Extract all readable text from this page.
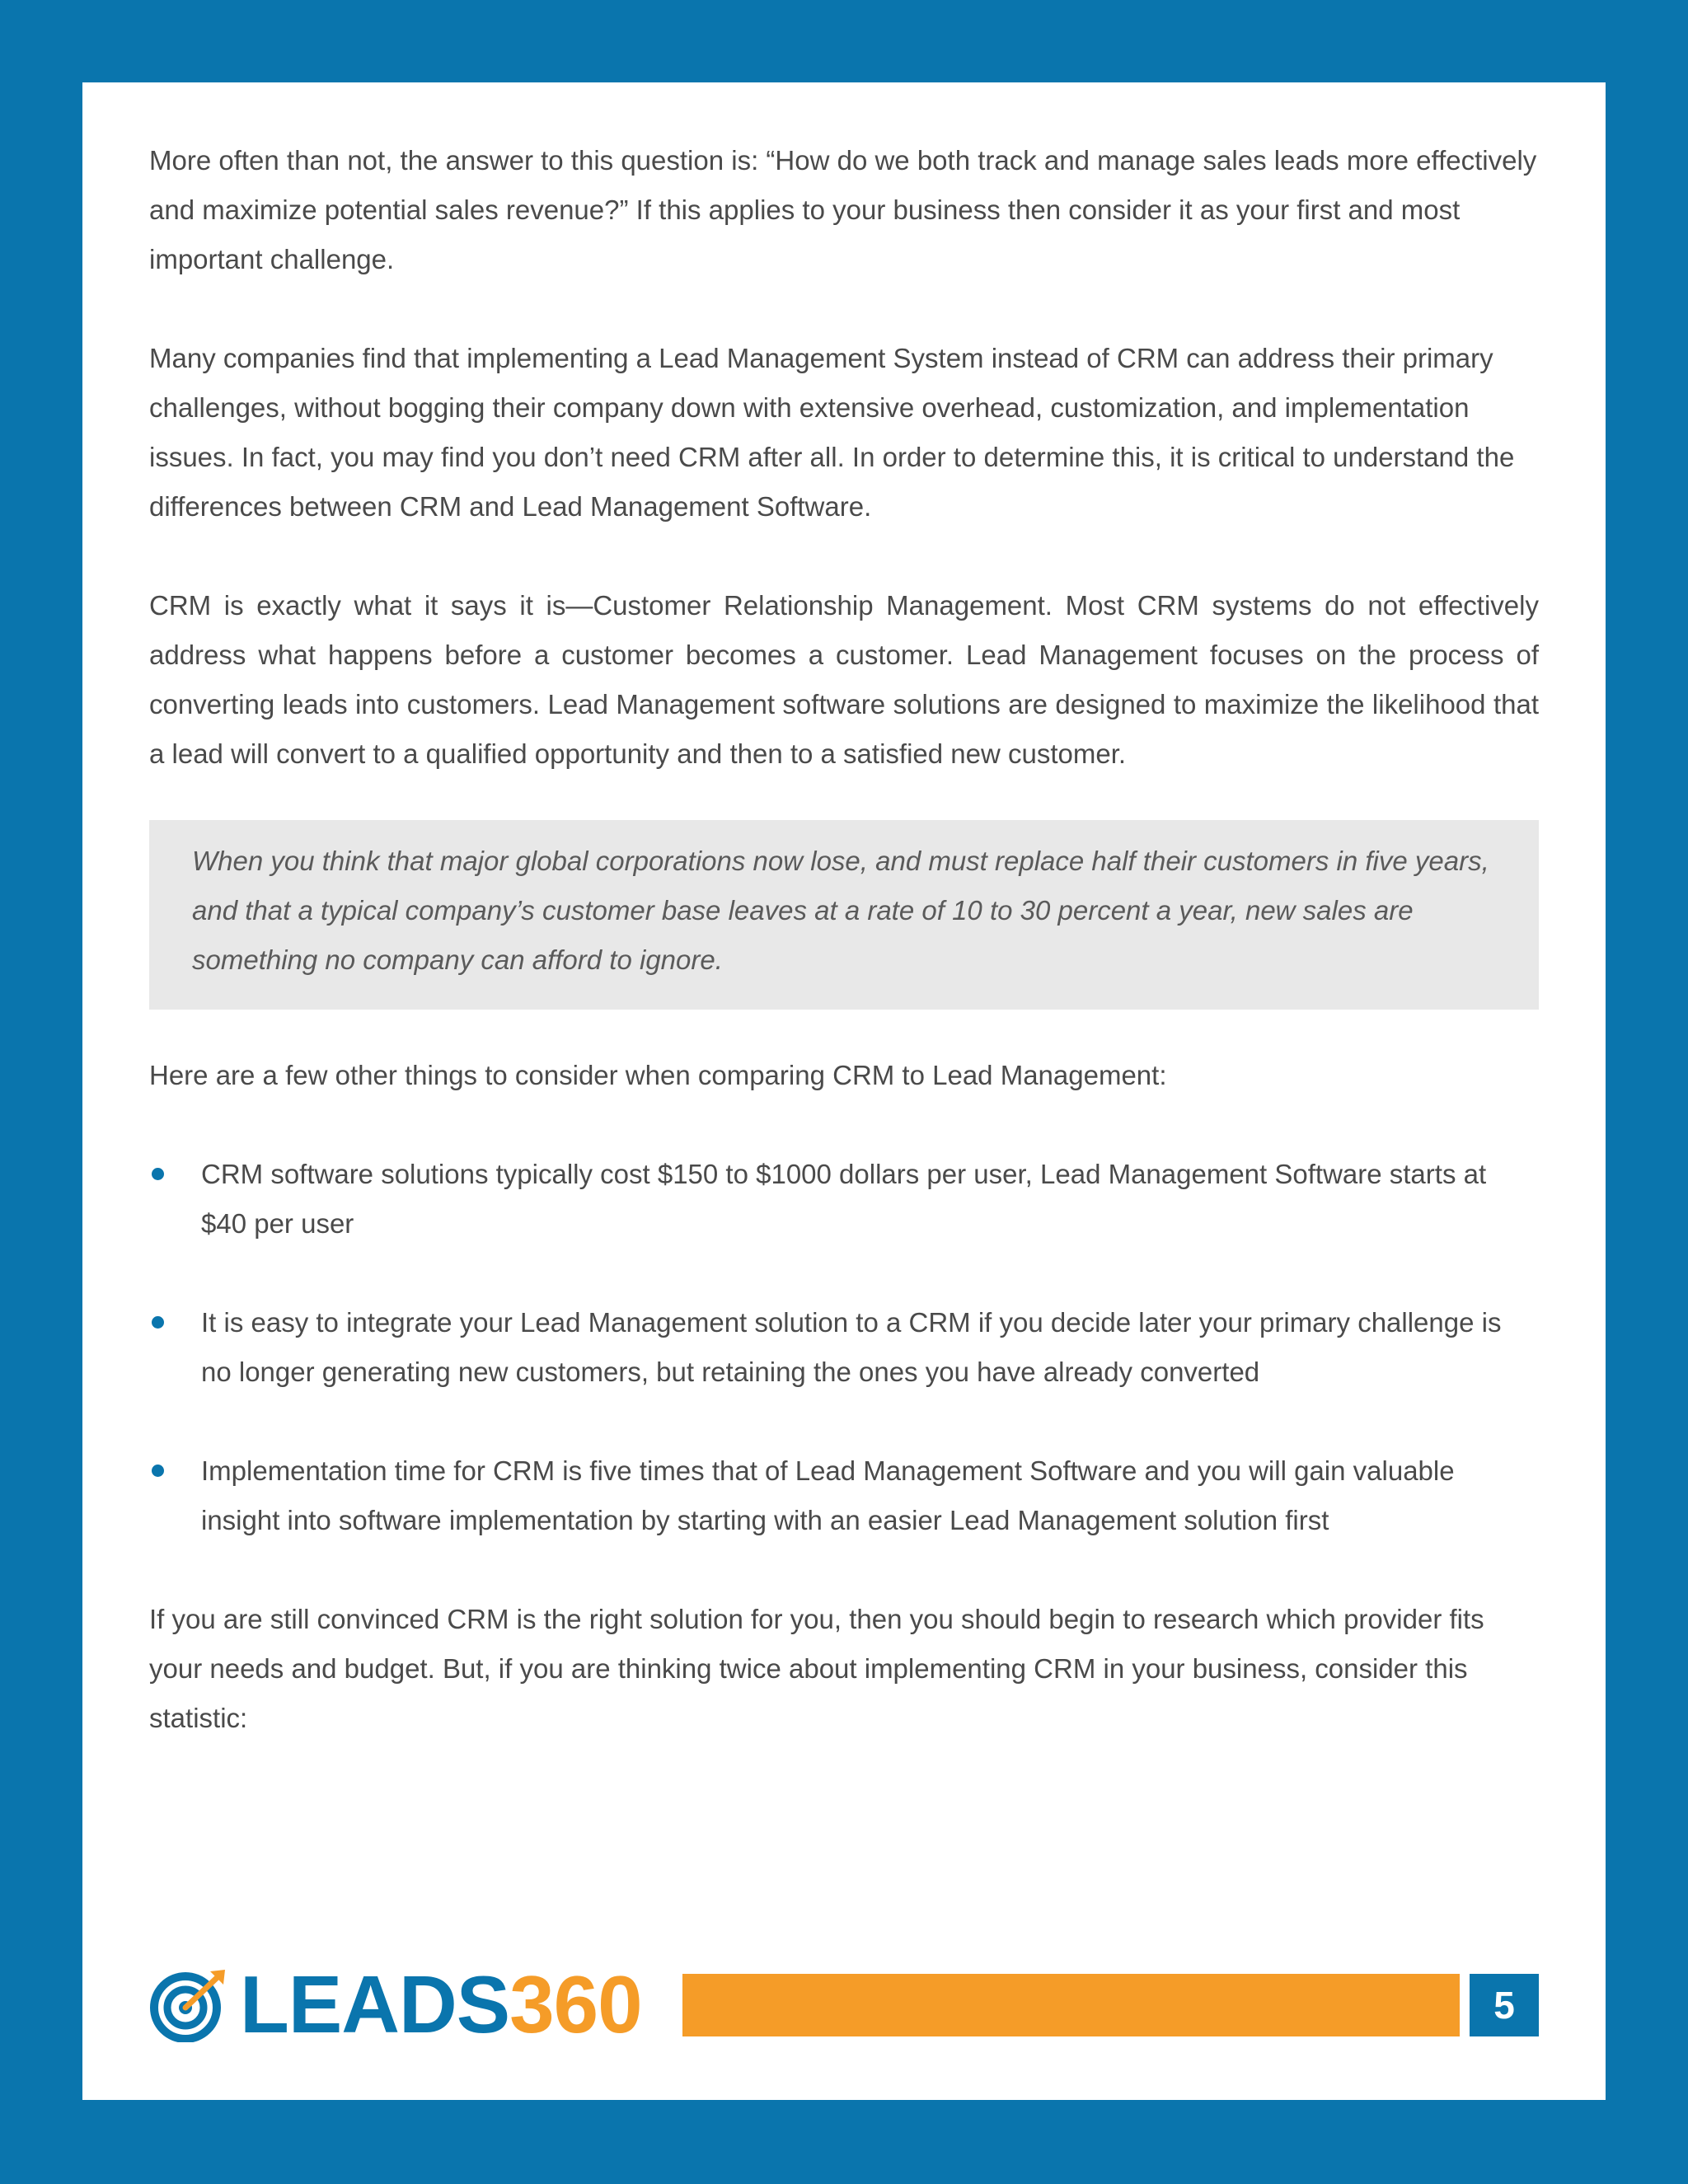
More often than not, the answer to this question is: “How do we both track and manage sales leads more effectively and maximize potential sales revenue?” If this applies to your business then consider it as your first and most important challenge.

Many companies find that implementing a Lead Management System instead of CRM can address their primary challenges, without bogging their company down with extensive overhead, customization, and implementation issues. In fact, you may find you don’t need CRM after all. In order to determine this, it is critical to understand the differences between CRM and Lead Management Software.

CRM is exactly what it says it is—Customer Relationship Management. Most CRM systems do not effectively address what happens before a customer becomes a customer. Lead Management focuses on the process of converting leads into customers. Lead Management software solutions are designed to maximize the likelihood that a lead will convert to a qualified opportunity and then to a satisfied new customer.

When you think that major global corporations now lose, and must replace half their customers in five years, and that a typical company’s customer base leaves at a rate of 10 to 30 percent a year, new sales are something no company can afford to ignore.

Here are a few other things to consider when comparing CRM to Lead Management:

CRM software solutions typically cost $150 to $1000 dollars per user, Lead Management Software starts at $40 per user
It is easy to integrate your Lead Management solution to a CRM if you decide later your primary challenge is no longer generating new customers, but retaining the ones you have already converted
Implementation time for CRM is five times that of Lead Management Software and you will gain valuable insight into software implementation by starting with an easier Lead Management solution first

If you are still convinced CRM is the right solution for you, then you should begin to research which provider fits your needs and budget. But, if you are thinking twice about implementing CRM in your business, consider this statistic:

LEADS360	5
